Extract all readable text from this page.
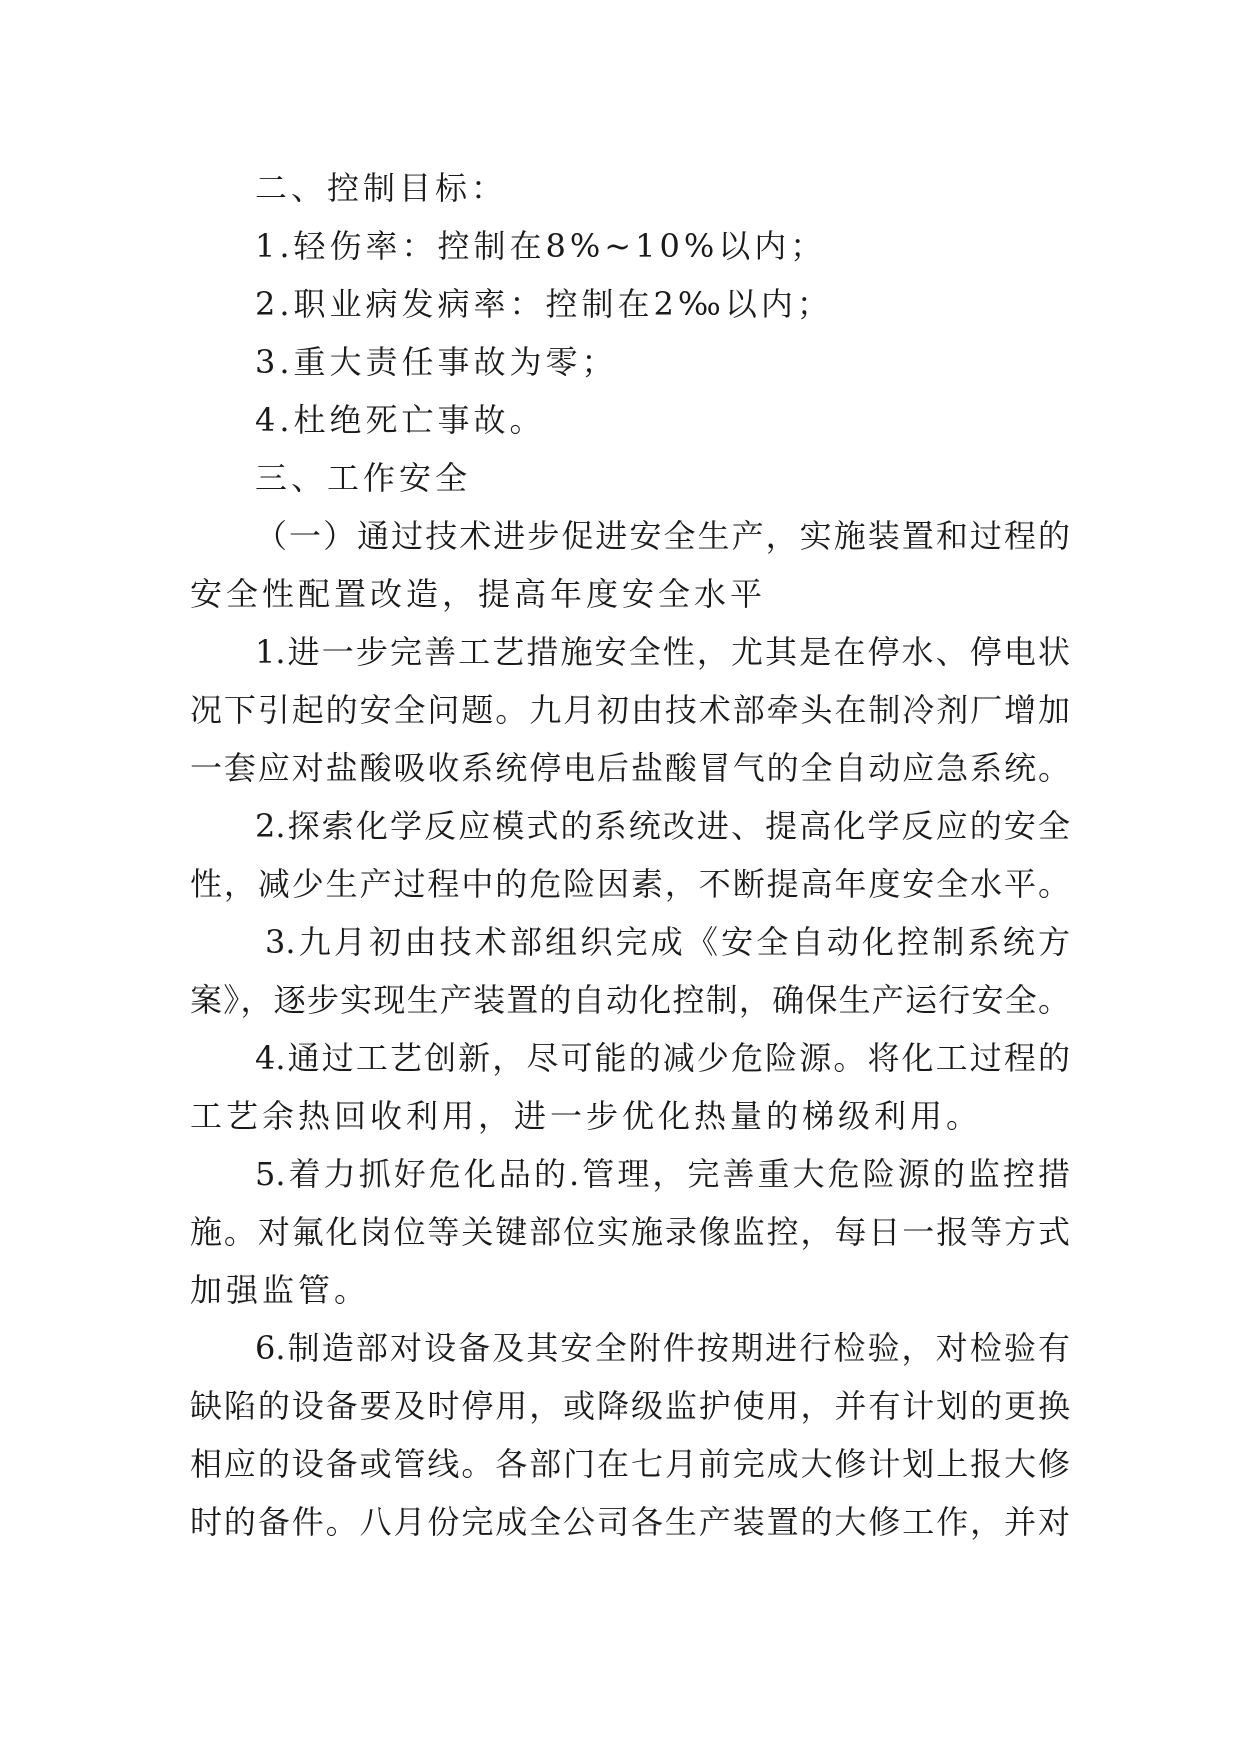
二、控制目标：
1.轻伤率：控制在8%~10%以内；
2.职业病发病率：控制在2‰以内；
3.重大责任事故为零；
4.杜绝死亡事故。
三、工作安全
（一）通过技术进步促进安全生产，实施装置和过程的
安全性配置改造，提高年度安全水平
1.进一步完善工艺措施安全性，尤其是在停水、停电状
况下引起的安全问题。九月初由技术部牵头在制冷剂厂增加
一套应对盐酸吸收系统停电后盐酸冒气的全自动应急系统。
2.探索化学反应模式的系统改进、提高化学反应的安全
性，减少生产过程中的危险因素，不断提高年度安全水平。
3.九月初由技术部组织完成《安全自动化控制系统方
案》，逐步实现生产装置的自动化控制，确保生产运行安全。
4.通过工艺创新，尽可能的减少危险源。将化工过程的
工艺余热回收利用，进一步优化热量的梯级利用。
5.着力抓好危化品的.管理，完善重大危险源的监控措
施。对氟化岗位等关键部位实施录像监控，每日一报等方式
加强监管。
6.制造部对设备及其安全附件按期进行检验，对检验有
缺陷的设备要及时停用，或降级监护使用，并有计划的更换
相应的设备或管线。各部门在七月前完成大修计划上报大修
时的备件。八月份完成全公司各生产装置的大修工作，并对
